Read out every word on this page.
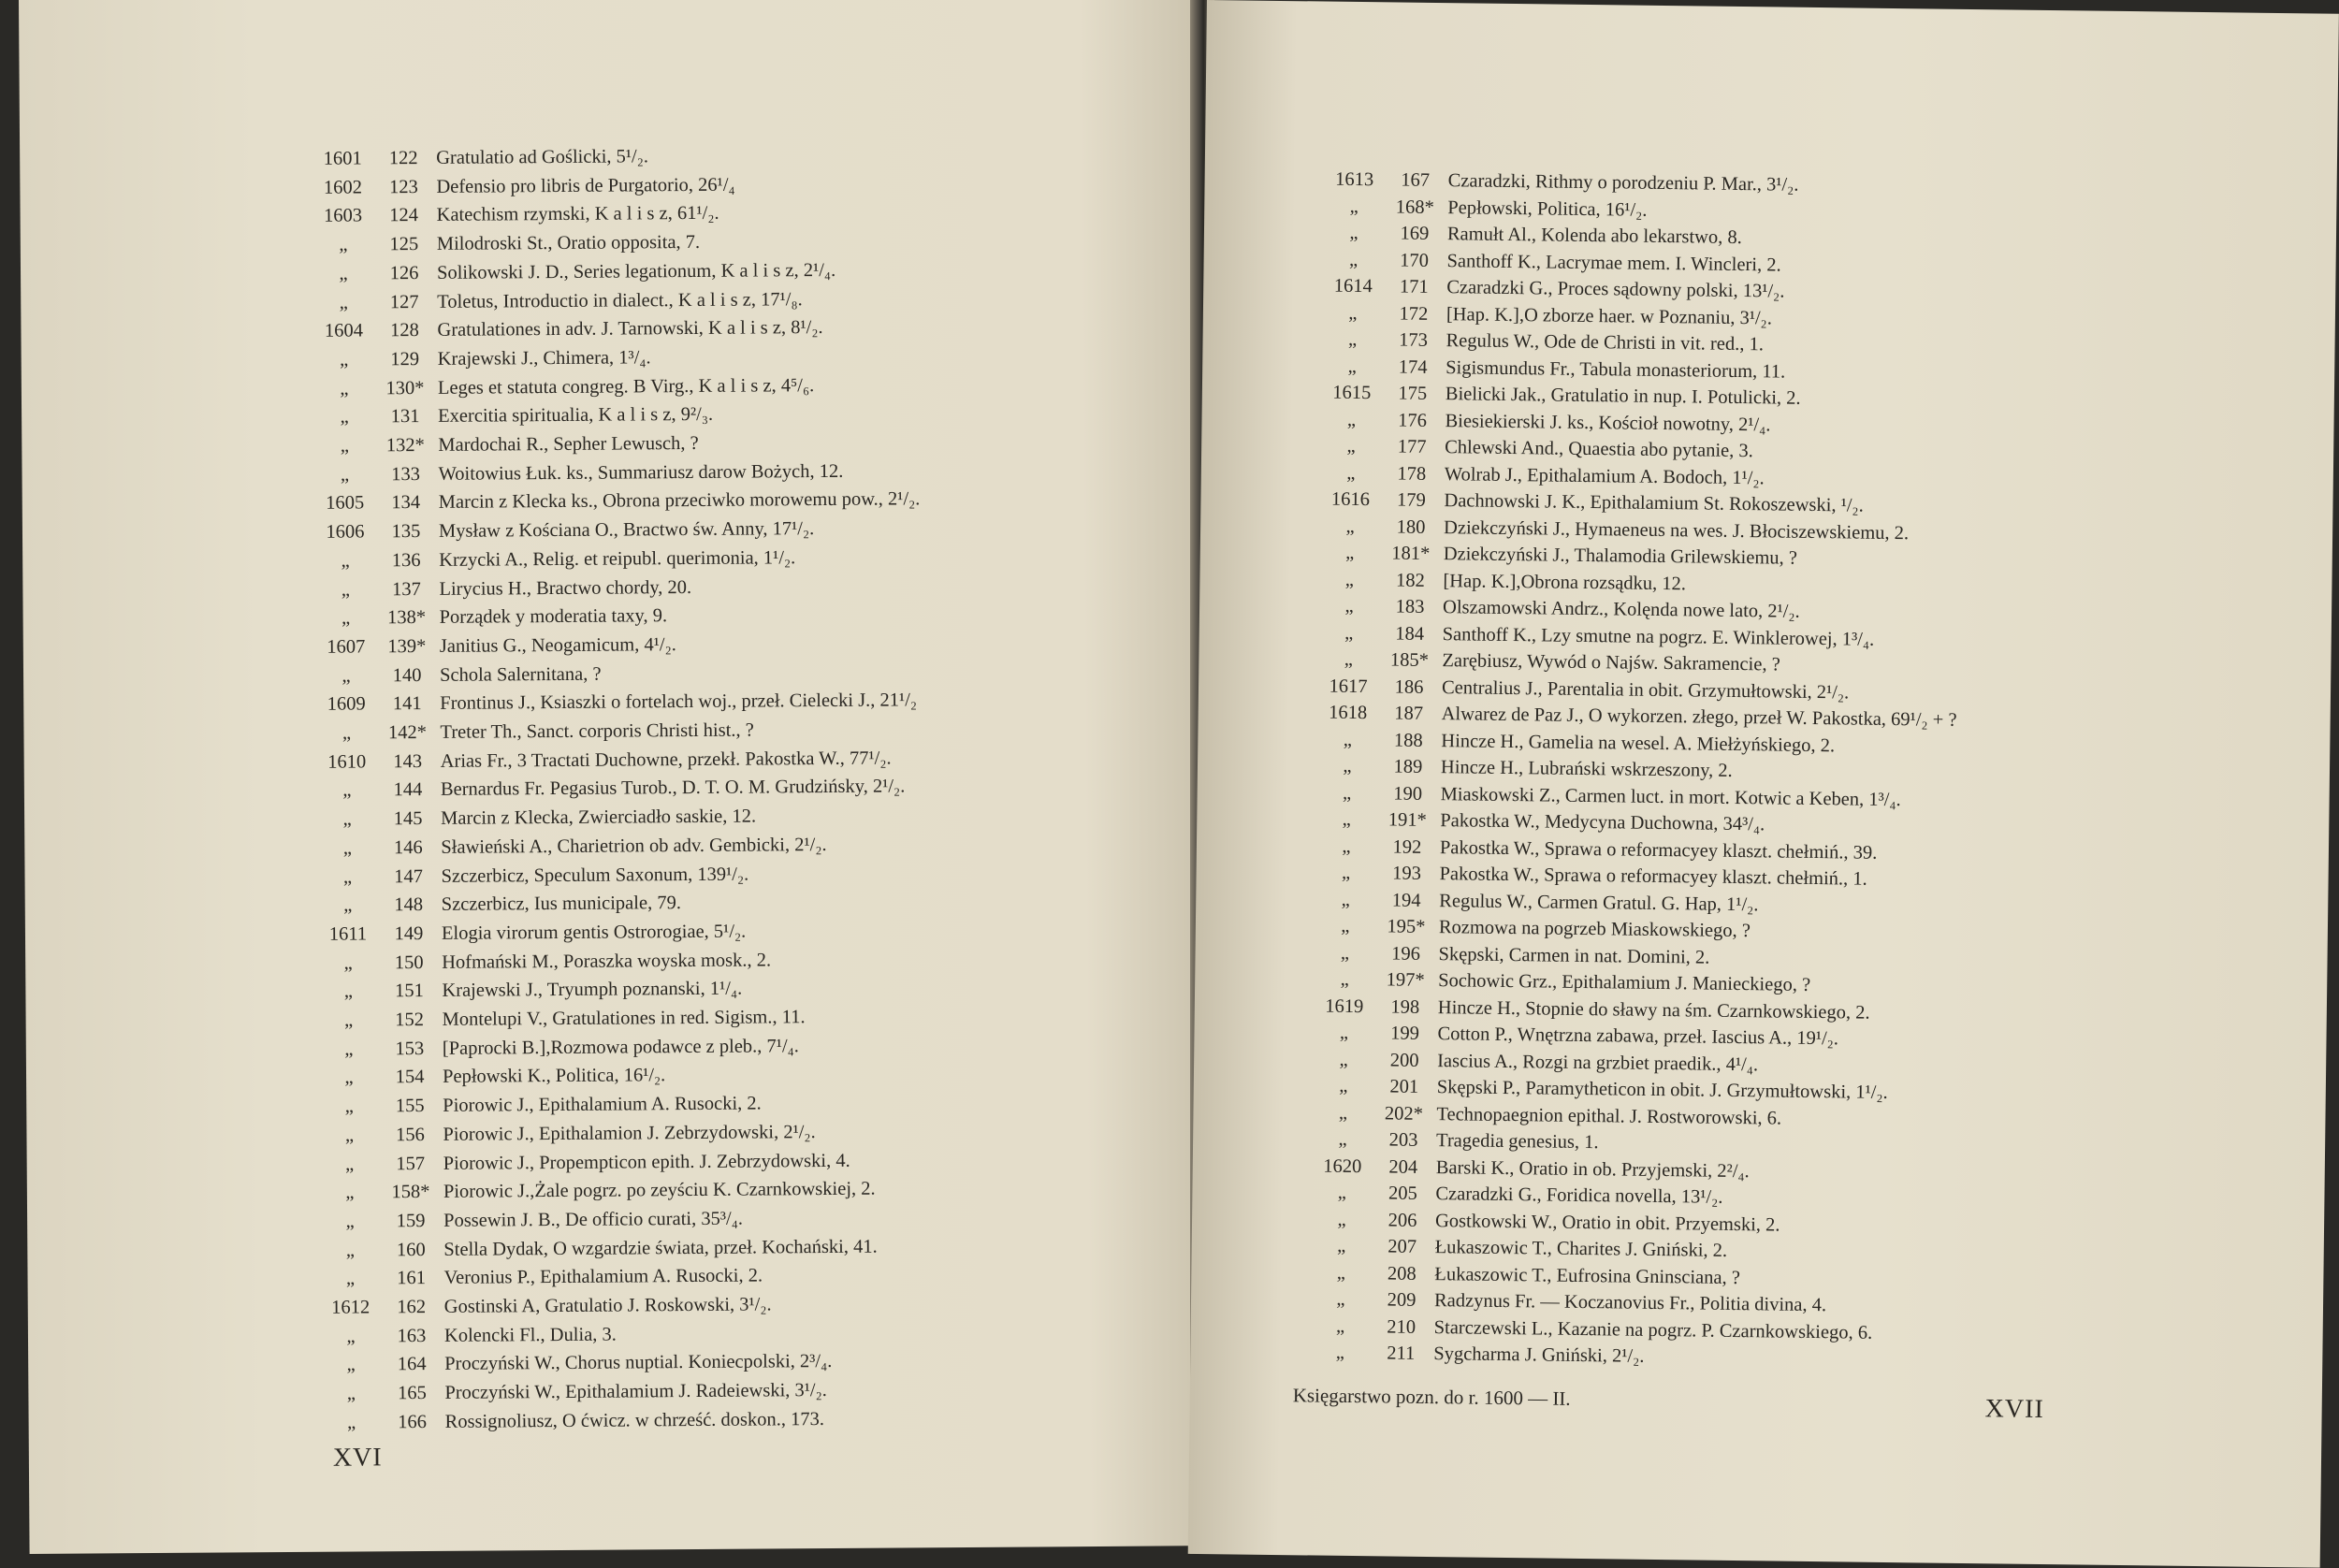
1601	122 Gratulatio ad Goślicki, 5¹/₂.
1602	123 Defensio pro libris de Purgatorio, 26¹/₄
1603	124 Katechism rzymski, K a l i s z, 61¹/₂.
„	125 Milodroski St., Oratio opposita, 7.
„	126 Solikowski J. D., Series legationum, K a l i s z, 2¹/₄.
„	127 Toletus, Introductio in dialect., K a l i s z, 17¹/₈.
1604	128 Gratulationes in adv. J. Tarnowski, K a l i s z, 8¹/₂.
„	129 Krajewski J., Chimera, 1³/₄.
„	130* Leges et statuta congreg. B Virg., K a l i s z, 4⁵/₆.
„	131 Exercitia spiritualia, K a l i s z, 9²/₃.
„	132* Mardochai R., Sepher Lewusch, ?
„	133 Woitowius Łuk. ks., Summariusz darow Bożych, 12.
1605	134 Marcin z Klecka ks., Obrona przeciwko morowemu pow., 2¹/₂.
1606	135 Mysław z Kościana O., Bractwo św. Anny, 17¹/₂.
„	136 Krzycki A., Relig. et reipubl. querimonia, 1¹/₂.
„	137 Lirycius H., Bractwo chordy, 20.
„	138* Porządek y moderatia taxy, 9.
1607	139* Janitius G., Neogamicum, 4¹/₂.
„	140 Schola Salernitana, ?
1609	141 Frontinus J., Ksiaszki o fortelach woj., przeł. Cielecki J., 21¹/₂
„	142* Treter Th., Sanct. corporis Christi hist., ?
1610	143 Arias Fr., 3 Tractati Duchowne, przekł. Pakostka W., 77¹/₂.
„	144 Bernardus Fr. Pegasius Turob., D. T. O. M. Grudzińsky, 2¹/₂.
„	145 Marcin z Klecka, Zwierciadło saskie, 12.
„	146 Sławieński A., Charietrion ob adv. Gembicki, 2¹/₂.
„	147 Szczerbicz, Speculum Saxonum, 139¹/₂.
„	148 Szczerbicz, Ius municipale, 79.
1611	149 Elogia virorum gentis Ostrorogiae, 5¹/₂.
„	150 Hofmański M., Poraszka woyska mosk., 2.
„	151 Krajewski J., Tryumph poznanski, 1¹/₄.
„	152 Montelupi V., Gratulationes in red. Sigism., 11.
„	153 [Paprocki B.],Rozmowa podawce z pleb., 7¹/₄.
„	154 Pepłowski K., Politica, 16¹/₂.
„	155 Piorowic J., Epithalamium A. Rusocki, 2.
„	156 Piorowic J., Epithalamion J. Zebrzydowski, 2¹/₂.
„	157 Piorowic J., Propempticon epith. J. Zebrzydowski, 4.
„	158* Piorowic J.,Żale pogrz. po zeyściu K. Czarnkowskiej, 2.
„	159 Possewin J. B., De officio curati, 35³/₄.
„	160 Stella Dydak, O wzgardzie świata, przeł. Kochański, 41.
„	161 Veronius P., Epithalamium A. Rusocki, 2.
1612	162 Gostinski A, Gratulatio J. Roskowski, 3¹/₂.
„	163 Kolencki Fl., Dulia, 3.
„	164 Proczyński W., Chorus nuptial. Koniecpolski, 2³/₄.
„	165 Proczyński W., Epithalamium J. Radeiewski, 3¹/₂.
„	166 Rossignoliusz, O ćwicz. w chrześć. doskon., 173.
XVI
1613	167 Czaradzki, Rithmy o porodzeniu P. Mar., 3¹/₂.
„	168* Pepłowski, Politica, 16¹/₂.
„	169 Ramułt Al., Kolenda abo lekarstwo, 8.
„	170 Santhoff K., Lacrymae mem. I. Wincleri, 2.
1614	171 Czaradzki G., Proces sądowny polski, 13¹/₂.
„	172 [Hap. K.],O zborze haer. w Poznaniu, 3¹/₂.
„	173 Regulus W., Ode de Christi in vit. red., 1.
„	174 Sigismundus Fr., Tabula monasteriorum, 11.
1615	175 Bielicki Jak., Gratulatio in nup. I. Potulicki, 2.
„	176 Biesiekierski J. ks., Kościoł nowotny, 2¹/₄.
„	177 Chlewski And., Quaestia abo pytanie, 3.
„	178 Wolrab J., Epithalamium A. Bodoch, 1¹/₂.
1616	179 Dachnowski J. K., Epithalamium St. Rokoszewski, ¹/₂.
„	180 Dziekczyński J., Hymaeneus na wes. J. Błociszewskiemu, 2.
„	181* Dziekczyński J., Thalamodia Grilewskiemu, ?
„	182 [Hap. K.],Obrona rozsądku, 12.
„	183 Olszamowski Andrz., Kolęnda nowe lato, 2¹/₂.
„	184 Santhoff K., Lzy smutne na pogrz. E. Winklerowej, 1³/₄.
„	185* Zarębiusz, Wywód o Najśw. Sakramencie, ?
1617	186 Centralius J., Parentalia in obit. Grzymułtowski, 2¹/₂.
1618	187 Alwarez de Paz J., O wykorzen. złego, przeł W. Pakostka, 69¹/₂ + ?
„	188 Hincze H., Gamelia na wesel. A. Miełżyńskiego, 2.
„	189 Hincze H., Lubrański wskrzeszony, 2.
„	190 Miaskowski Z., Carmen luct. in mort. Kotwic a Keben, 1³/₄.
„	191* Pakostka W., Medycyna Duchowna, 34³/₄.
„	192 Pakostka W., Sprawa o reformacyey klaszt. chełmiń., 39.
„	193 Pakostka W., Sprawa o reformacyey klaszt. chełmiń., 1.
„	194 Regulus W., Carmen Gratul. G. Hap, 1¹/₂.
„	195* Rozmowa na pogrzeb Miaskowskiego, ?
„	196 Skępski, Carmen in nat. Domini, 2.
„	197* Sochowic Grz., Epithalamium J. Manieckiego, ?
1619	198 Hincze H., Stopnie do sławy na śm. Czarnkowskiego, 2.
„	199 Cotton P., Wnętrzna zabawa, przeł. Iascius A., 19¹/₂.
„	200 Iascius A., Rozgi na grzbiet praedik., 4¹/₄.
„	201 Skępski P., Paramytheticon in obit. J. Grzymułtowski, 1¹/₂.
„	202* Technopaegnion epithal. J. Rostworowski, 6.
„	203 Tragedia genesius, 1.
1620	204 Barski K., Oratio in ob. Przyjemski, 2²/₄.
„	205 Czaradzki G., Foridica novella, 13¹/₂.
„	206 Gostkowski W., Oratio in obit. Przyemski, 2.
„	207 Łukaszowic T., Charites J. Gniński, 2.
„	208 Łukaszowic T., Eufrosina Gninsciana, ?
„	209 Radzynus Fr. — Koczanovius Fr., Politia divina, 4.
„	210 Starczewski L., Kazanie na pogrz. P. Czarnkowskiego, 6.
„	211 Sygcharma J. Gniński, 2¹/₂.
Księgarstwo pozn. do r. 1600 — II.	XVII
